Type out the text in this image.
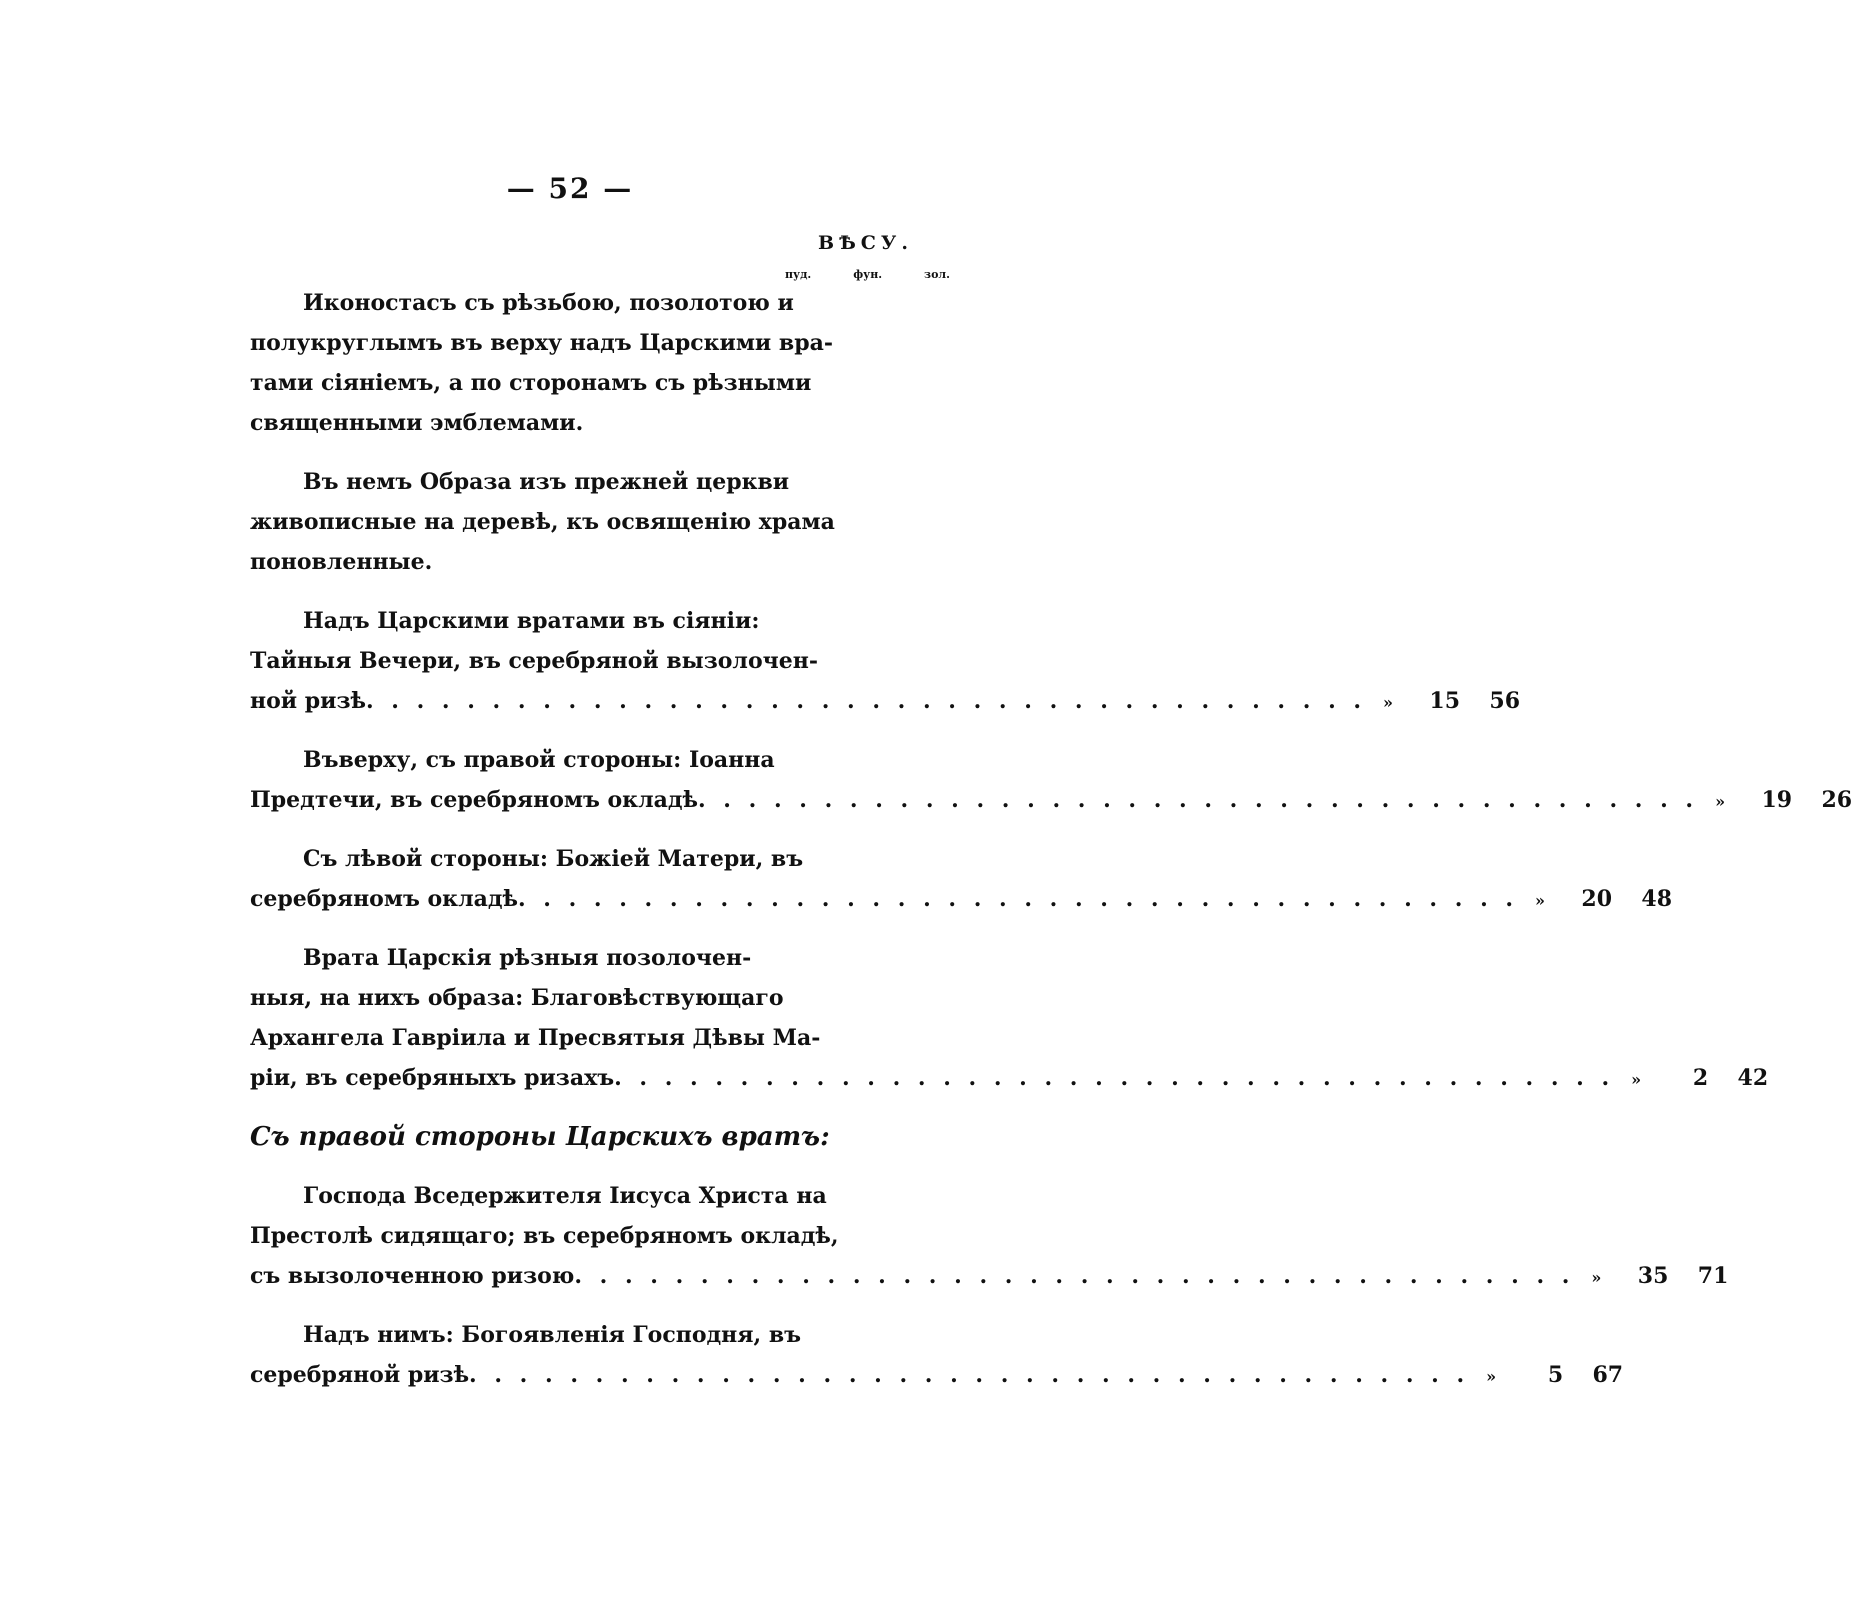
— 52 —
ВѢСУ.
пуд.	фун.	зол.
Иконостасъ съ рѣзьбою, позолотою и
полукруглымъ въ верху надъ Царскими вра-
тами сіяніемъ, а по сторонамъ съ рѣзными
священными эмблемами.
Въ немъ Образа изъ прежней церкви
живописные на деревѣ, къ освященію храма
поновленные.
Надъ Царскими вратами въ сіяніи:
Тайныя Вечери, въ серебряной вызолочен-
ной ризѣ . . .	»	15	56
Въверху, съ правой стороны: Іоанна
Предтечи, въ серебряномъ окладѣ . . .	»	19	26
Съ лѣвой стороны: Божіей Матери, въ
серебряномъ окладѣ . . .	»	20	48
Врата Царскія рѣзныя позолочен-
ныя, на нихъ образа: Благовѣствующаго
Архангела Гавріила и Пресвятыя Дѣвы Ма-
ріи, въ серебряныхъ ризахъ . . .	»	2	42
Съ правой стороны Царскихъ вратъ:
Господа Вседержителя Іисуса Христа на
Престолѣ сидящаго; въ серебряномъ окладѣ,
съ вызолоченною ризою . . .	»	35	71
Надъ нимъ: Богоявленія Господня, въ
серебряной ризѣ . . .	»	5	67
